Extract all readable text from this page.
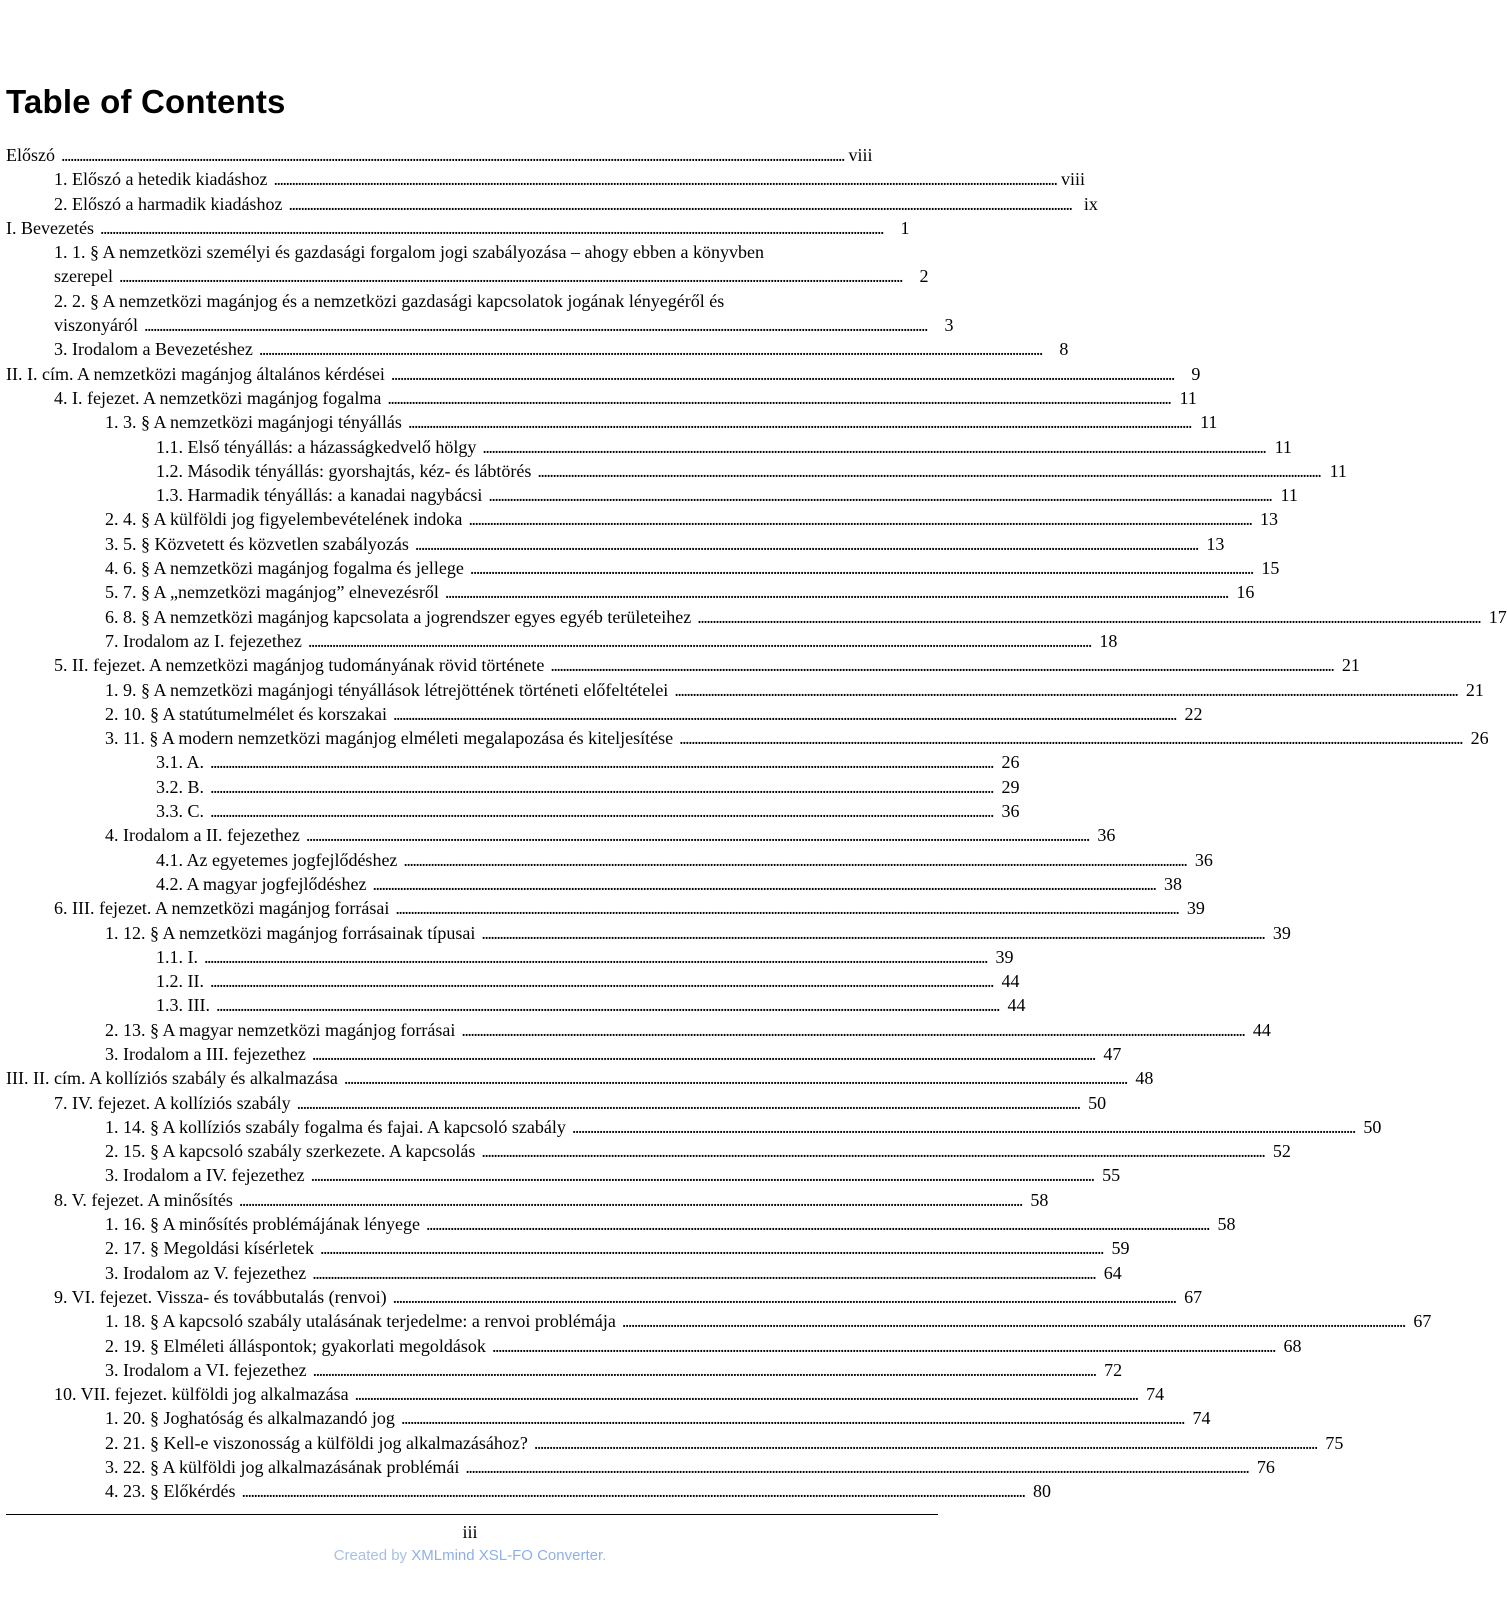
Table of Contents
Előszó . . .	viii
1. Előszó a hetedik kiadáshoz . . .	viii
2. Előszó a harmadik kiadáshoz . . .	ix
I. Bevezetés . . .	1
1. 1. § A nemzetközi személyi és gazdasági forgalom jogi szabályozása – ahogy ebben a könyvben
szerepel . . .	2
2. 2. § A nemzetközi magánjog és a nemzetközi gazdasági kapcsolatok jogának lényegéről és
viszonyáról . . .	3
3. Irodalom a Bevezetéshez . . .	8
II. I. cím. A nemzetközi magánjog általános kérdései . . .	9
4. I. fejezet. A nemzetközi magánjog fogalma . . .	11
1. 3. § A nemzetközi magánjogi tényállás . . .	11
1.1. Első tényállás: a házasságkedvelő hölgy . . .	11
1.2. Második tényállás: gyorshajtás, kéz- és lábtörés . . .	11
1.3. Harmadik tényállás: a kanadai nagybácsi . . .	11
2. 4. § A külföldi jog figyelembevételének indoka . . .	13
3. 5. § Közvetett és közvetlen szabályozás . . .	13
4. 6. § A nemzetközi magánjog fogalma és jellege . . .	15
5. 7. § A „nemzetközi magánjog” elnevezésről . . .	16
6. 8. § A nemzetközi magánjog kapcsolata a jogrendszer egyes egyéb területeihez . . .	17
7. Irodalom az I. fejezethez . . .	18
5. II. fejezet. A nemzetközi magánjog tudományának rövid története . . .	21
1. 9. § A nemzetközi magánjogi tényállások létrejöttének történeti előfeltételei . . .	21
2. 10. § A statútumelmélet és korszakai . . .	22
3. 11. § A modern nemzetközi magánjog elméleti megalapozása és kiteljesítése . . .	26
3.1. A. . . .	26
3.2. B. . . .	29
3.3. C. . . .	36
4. Irodalom a II. fejezethez . . .	36
4.1. Az egyetemes jogfejlődéshez . . .	36
4.2. A magyar jogfejlődéshez . . .	38
6. III. fejezet. A nemzetközi magánjog forrásai . . .	39
1. 12. § A nemzetközi magánjog forrásainak típusai . . .	39
1.1. I. . . .	39
1.2. II. . . .	44
1.3. III. . . .	44
2. 13. § A magyar nemzetközi magánjog forrásai . . .	44
3. Irodalom a III. fejezethez . . .	47
III. II. cím. A kollíziós szabály és alkalmazása . . .	48
7. IV. fejezet. A kollíziós szabály . . .	50
1. 14. § A kollíziós szabály fogalma és fajai. A kapcsoló szabály . . .	50
2. 15. § A kapcsoló szabály szerkezete. A kapcsolás . . .	52
3. Irodalom a IV. fejezethez . . .	55
8. V. fejezet. A minősítés . . .	58
1. 16. § A minősítés problémájának lényege . . .	58
2. 17. § Megoldási kísérletek . . .	59
3. Irodalom az V. fejezethez . . .	64
9. VI. fejezet. Vissza- és továbbutalás (renvoi) . . .	67
1. 18. § A kapcsoló szabály utalásának terjedelme: a renvoi problémája . . .	67
2. 19. § Elméleti álláspontok; gyakorlati megoldások . . .	68
3. Irodalom a VI. fejezethez . . .	72
10. VII. fejezet. külföldi jog alkalmazása . . .	74
1. 20. § Joghatóság és alkalmazandó jog . . .	74
2. 21. § Kell-e viszonosság a külföldi jog alkalmazásához? . . .	75
3. 22. § A külföldi jog alkalmazásának problémái . . .	76
4. 23. § Előkérdés . . .	80
iii
Created by XMLmind XSL-FO Converter.
